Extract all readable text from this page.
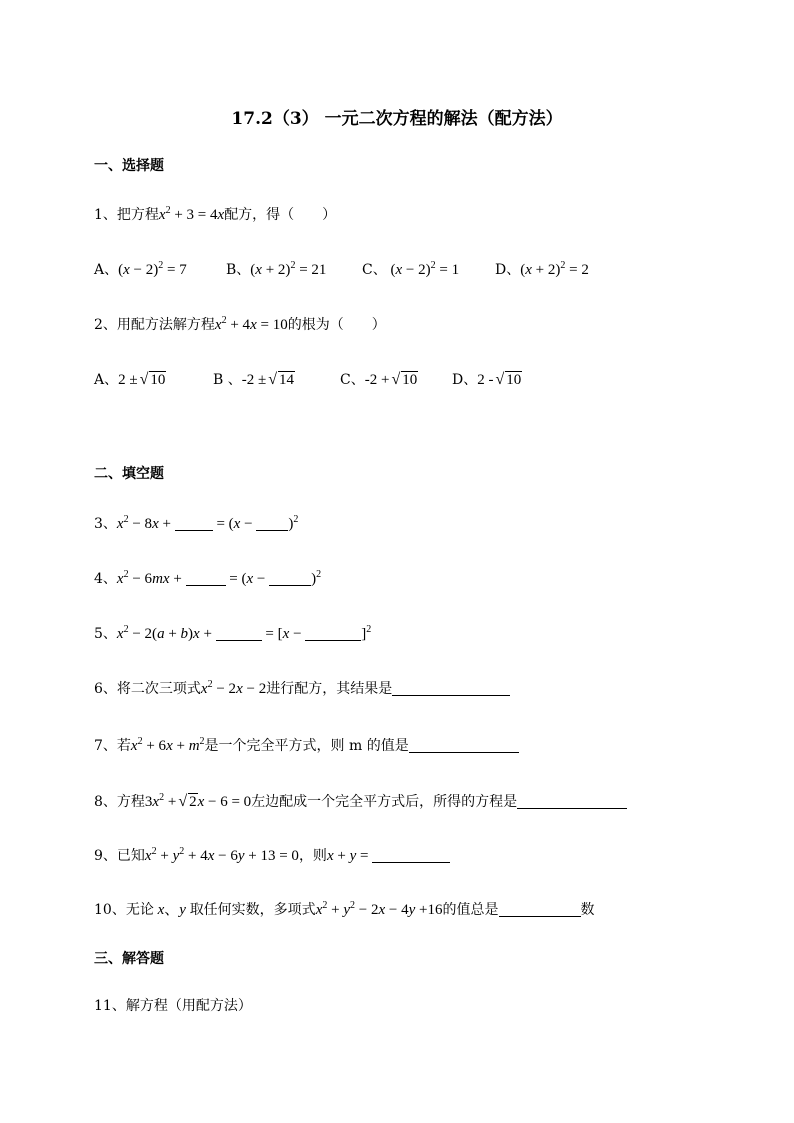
17.2（3） 一元二次方程的解法（配方法）
一、选择题
1、把方程$x^2 + 3 = 4x$配方，得（　　）
A、$(x - 2)^2 = 7$	B、$(x + 2)^2 = 21$	C、 $(x - 2)^2 = 1$	D、$(x + 2)^2 = 2$
2、用配方法解方程$x^2 + 4x = 10$的根为（　　）
A、2 ± √ 10	B 、-2 ± √ 14	C、-2 + √ 10 D、2 - √ 10
二、填空题
3、$x^2 - 8x$ +	= $(x - )^2$
4、$x^2 - 6mx$ +	= (x −	)$^2$
5、$x^2 - 2(a + b)x$ +	= [x −	]$^2$
6、将二次三项式$x^2 - 2x - 2$进行配方，其结果是
7、若$x^2 + 6x + m^2$是一个完全平方式，则 m 的值是
8、方程$3x^2$ + √ 2x − 6 = 0左边配成一个完全平方式后，所得的方程是
9、已知$x^2 + y^2 + 4x - 6y + 13 = 0$，则x + y =
10、无论 x、y 取任何实数，多项式$x^2 + y^2 - 2x - 4y +16$的值总是	数
三、解答题
11、解方程（用配方法）
